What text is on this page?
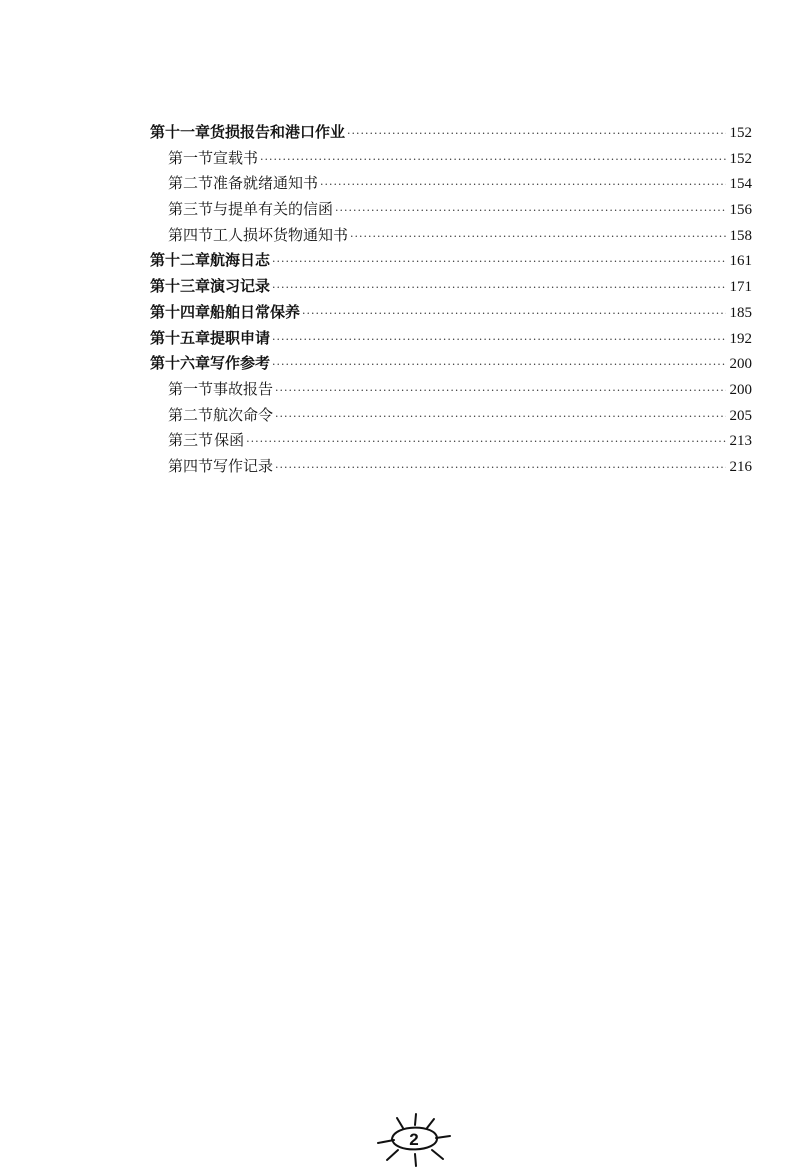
第十一章 货损报告和港口作业 ·····	152
第一节 宣载书 ·····	152
第二节 准备就绪通知书 ·····	154
第三节 与提单有关的信函 ·····	156
第四节 工人损坏货物通知书 ·····	158
第十二章 航海日志 ·····	161
第十三章 演习记录 ·····	171
第十四章 船舶日常保养 ·····	185
第十五章 提职申请 ·····	192
第十六章 写作参考 ·····	200
第一节 事故报告 ·····	200
第二节 航次命令 ·····	205
第三节 保函 ·····	213
第四节 写作记录 ·····	216
2
